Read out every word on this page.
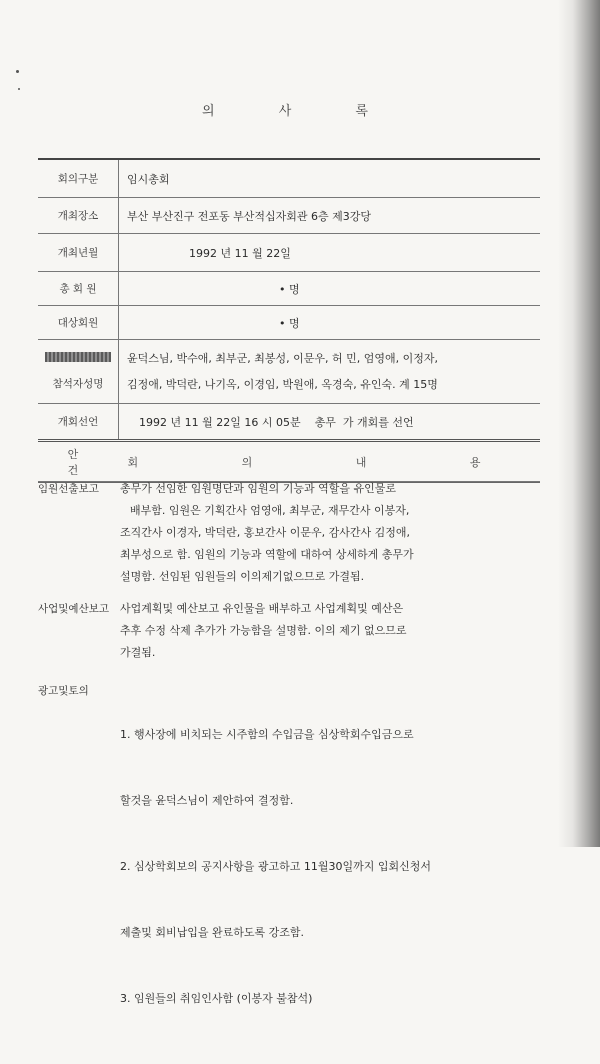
의 사 록
회의구분	임시총회
개최장소	부산 부산진구 전포동 부산적십자회관 6층 제3강당
개최년월	1992 년 11 월 22일
총 회 원	• 명
대상회원	• 명
참석자성명
윤덕스님, 박수애, 최부군, 최봉성, 이문우, 허 민, 엄영애, 이정자,
김정애, 박덕란, 나기옥, 이경임, 박원애, 옥경숙, 유인숙. 계 15명
개회선언	1992 년 11 월 22일 16 시 05분    총무  가 개회를 선언
안 건
회 의 내 용
임원선출보고	총무가 선임한 임원명단과 임원의 기능과 역할을 유인물로
배부함. 임원은 기획간사 엄영애, 최부군, 재무간사 이봉자,
조직간사 이경자, 박덕란, 홍보간사 이문우, 감사간사 김정애,
최부성으로 함. 임원의 기능과 역할에 대하여 상세하게 총무가
설명함. 선임된 임원들의 이의제기없으므로 가결됨.
사업및예산보고 사업계획및 예산보고 유인물을 배부하고 사업계획및 예산은
추후 수정 삭제 추가가 가능함을 설명함. 이의 제기 없으므로
가결됨.
광고및토의

1. 행사장에 비치되는 시주함의 수입금을 심상학회수입금으로

할것을 윤덕스님이 제안하여 결정함.

2. 심상학회보의 공지사항을 광고하고 11월30일까지 입회신청서

제출및 회비납입을 완료하도록 강조함.

3. 임원들의 취임인사함 (이봉자 불참석)
